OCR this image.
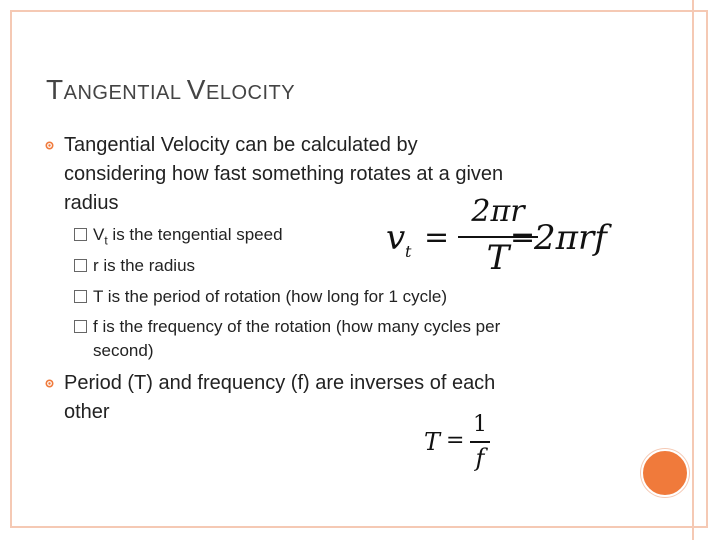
TANGENTIAL VELOCITY
Tangential Velocity can be calculated by
considering how fast something rotates at a given
radius
$V_t$ is the tengential speed
r is the radius
T is the period of rotation (how long for 1 cycle)
f is the frequency of the rotation (how many cycles per
second)
Period (T) and frequency (f) are inverses of each
other
v t =
2πr
T
=
2πrf
T =
1
f
